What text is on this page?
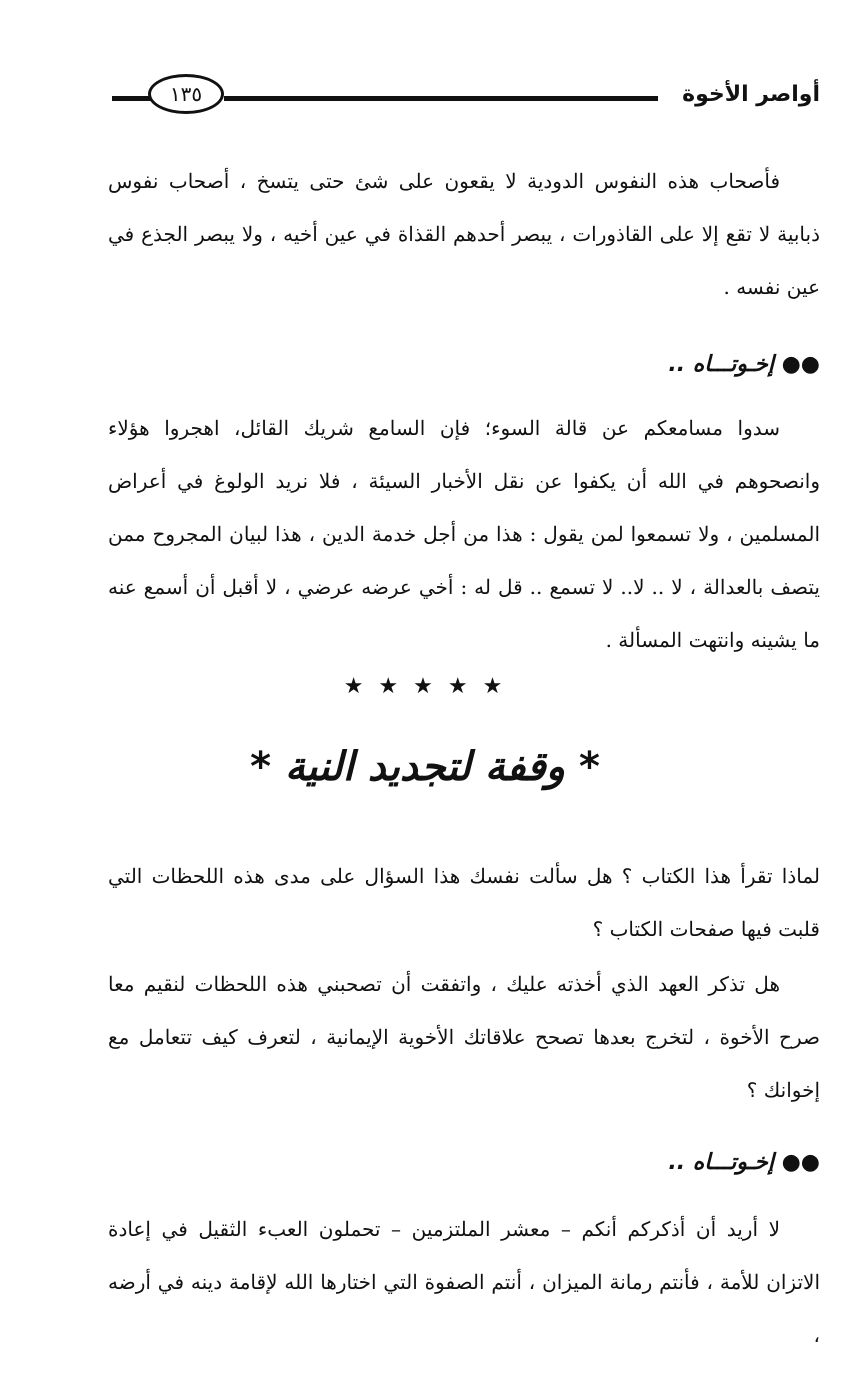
١٣٥	أواصر الأخوة
فأصحاب هذه النفوس الدودية لا يقعون على شئ حتى يتسخ ، أصحاب نفوس ذبابية لا تقع إلا على القاذورات ، يبصر أحدهم القذاة في عين أخيه ، ولا يبصر الجذع في عين نفسه .
●● إخـوتـــاه ..
سدوا مسامعكم عن قالة السوء؛ فإن السامع شريك القائل، اهجروا هؤلاء وانصحوهم في الله أن يكفوا عن نقل الأخبار السيئة ، فلا نريد الولوغ في أعراض المسلمين ، ولا تسمعوا لمن يقول : هذا من أجل خدمة الدين ، هذا لبيان المجروح ممن يتصف بالعدالة ، لا .. لا.. لا تسمع .. قل له : أخي عرضه عرضي ، لا أقبل أن أسمع عنه ما يشينه وانتهت المسألة .
★ ★ ★ ★ ★
* وقفة لتجديد النية *
لماذا تقرأ هذا الكتاب ؟ هل سألت نفسك هذا السؤال على مدى هذه اللحظات التي قلبت فيها صفحات الكتاب ؟
هل تذكر العهد الذي أخذته عليك ، واتفقت أن تصحبني هذه اللحظات لنقيم معا صرح الأخوة ، لتخرج بعدها تصحح علاقاتك الأخوية الإيمانية ، لتعرف كيف تتعامل مع إخوانك ؟
●● إخـوتـــاه ..
لا أريد أن أذكركم أنكم – معشر الملتزمين – تحملون العبء الثقيل في إعادة الاتزان للأمة ، فأنتم رمانة الميزان ، أنتم الصفوة التي اختارها الله لإقامة دينه في أرضه ،
